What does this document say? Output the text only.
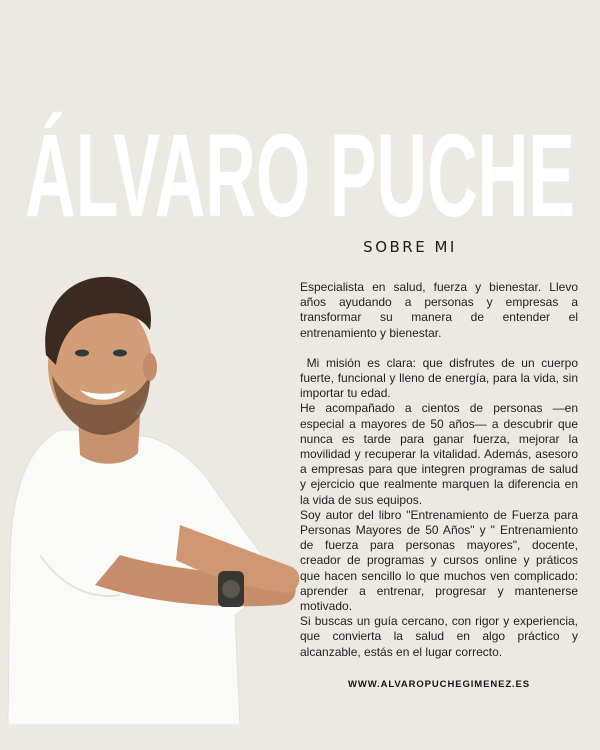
ÁLVARO PUCHE
SOBRE MI

Especialista en salud, fuerza y bienestar. Llevo años ayudando a personas y empresas a transformar su manera de entender el entrenamiento y bienestar.

Mi misión es clara: que disfrutes de un cuerpo fuerte, funcional y lleno de energía, para la vida, sin importar tu edad.

He acompañado a cientos de personas —en especial a mayores de 50 años— a descubrir que nunca es tarde para ganar fuerza, mejorar la movilidad y recuperar la vitalidad. Además, asesoro a empresas para que integren programas de salud y ejercicio que realmente marquen la diferencia en la vida de sus equipos.

Soy autor del libro "Entrenamiento de Fuerza para Personas Mayores de 50 Años" y " Entrenamiento de fuerza para personas mayores", docente, creador de programas y cursos online y práticos que hacen sencillo lo que muchos ven complicado: aprender a entrenar, progresar y mantenerse motivado.

Si buscas un guía cercano, con rigor y experiencia, que convierta la salud en algo práctico y alcanzable, estás en el lugar correcto.

WWW.ALVAROPUCHEGIMENEZ.ES
